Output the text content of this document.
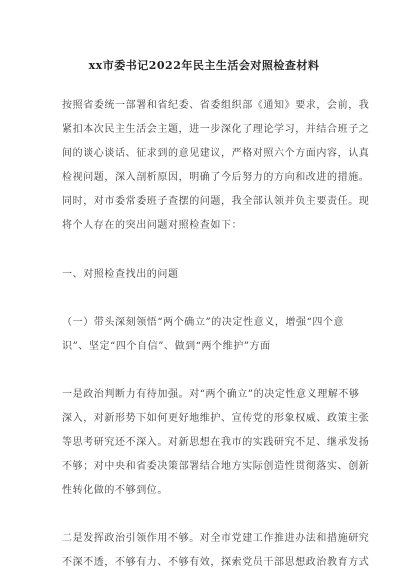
xx市委书记2022年民主生活会对照检查材料
按照省委统一部署和省纪委、省委组织部《通知》要求，会前，我
紧扣本次民主生活会主题，进一步深化了理论学习，并结合班子之
间的谈心谈话、征求到的意见建议，严格对照六个方面内容，认真
检视问题，深入剖析原因，明确了今后努力的方向和改进的措施。
同时，对市委常委班子查摆的问题，我全部认领并负主要责任。现
将个人存在的突出问题对照检查如下：
一、对照检查找出的问题
（一）带头深刻领悟“两个确立”的决定性意义，增强“四个意
识”、坚定“四个自信”、做到“两个维护”方面
一是政治判断力有待加强。对“两个确立”的决定性意义理解不够
深入，对新形势下如何更好地维护、宣传党的形象权威、政策主张
等思考研究还不深入。对新思想在我市的实践研究不足、继承发扬
不够；对中央和省委决策部署结合地方实际创造性贯彻落实、创新
性转化做的不够到位。
二是发挥政治引领作用不够。对全市党建工作推进办法和措施研究
不深不透，不够有力、不够有效，探索党员干部思想政治教育方式
